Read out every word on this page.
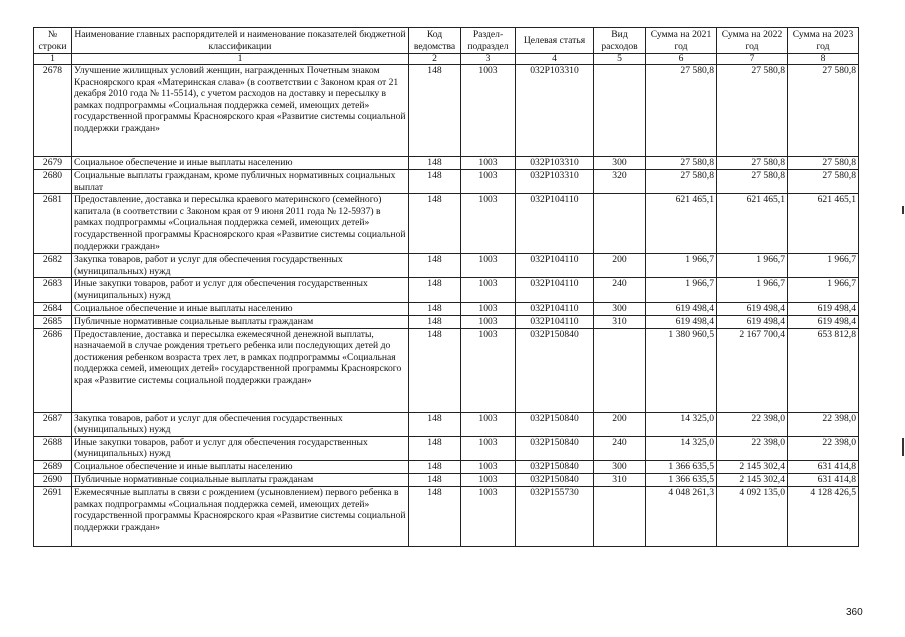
№ строки	Наименование главных распорядителей и наименование показателей бюджетной классификации	Код ведомства	Раздел-подраздел	Целевая статья	Вид расходов	Сумма на 2021 год	Сумма на 2022 год	Сумма на 2023 год
1	1	2	3	4	5	6	7	8
2678	Улучшение жилищных условий женщин, награжденных Почетным знаком Красноярского края «Материнская слава» (в соответствии с Законом края от 21 декабря 2010 года № 11-5514), с учетом расходов на доставку и пересылку в рамках подпрограммы «Социальная поддержка семей, имеющих детей» государственной программы Красноярского края «Развитие системы социальной поддержки граждан»	148	1003	032P103310		27 580,8	27 580,8	27 580,8
2679	Социальное обеспечение и иные выплаты населению	148	1003	032P103310	300	27 580,8	27 580,8	27 580,8
2680	Социальные выплаты гражданам, кроме публичных нормативных социальных выплат	148	1003	032P103310	320	27 580,8	27 580,8	27 580,8
2681	Предоставление, доставка и пересылка краевого материнского (семейного) капитала (в соответствии с Законом края от 9 июня 2011 года № 12-5937) в рамках подпрограммы «Социальная поддержка семей, имеющих детей» государственной программы Красноярского края «Развитие системы социальной поддержки граждан»	148	1003	032P104110		621 465,1	621 465,1	621 465,1
2682	Закупка товаров, работ и услуг для обеспечения государственных (муниципальных) нужд	148	1003	032P104110	200	1 966,7	1 966,7	1 966,7
2683	Иные закупки товаров, работ и услуг для обеспечения государственных (муниципальных) нужд	148	1003	032P104110	240	1 966,7	1 966,7	1 966,7
2684	Социальное обеспечение и иные выплаты населению	148	1003	032P104110	300	619 498,4	619 498,4	619 498,4
2685	Публичные нормативные социальные выплаты гражданам	148	1003	032P104110	310	619 498,4	619 498,4	619 498,4
2686	Предоставление, доставка и пересылка ежемесячной денежной выплаты, назначаемой в случае рождения третьего ребенка или последующих детей до достижения ребенком возраста трех лет, в рамках подпрограммы «Социальная поддержка семей, имеющих детей» государственной программы Красноярского края «Развитие системы социальной поддержки граждан»	148	1003	032P150840		1 380 960,5	2 167 700,4	653 812,8
2687	Закупка товаров, работ и услуг для обеспечения государственных (муниципальных) нужд	148	1003	032P150840	200	14 325,0	22 398,0	22 398,0
2688	Иные закупки товаров, работ и услуг для обеспечения государственных (муниципальных) нужд	148	1003	032P150840	240	14 325,0	22 398,0	22 398,0
2689	Социальное обеспечение и иные выплаты населению	148	1003	032P150840	300	1 366 635,5	2 145 302,4	631 414,8
2690	Публичные нормативные социальные выплаты гражданам	148	1003	032P150840	310	1 366 635,5	2 145 302,4	631 414,8
2691	Ежемесячные выплаты в связи с рождением (усыновлением) первого ребенка в рамках подпрограммы «Социальная поддержка семей, имеющих детей» государственной программы Красноярского края «Развитие системы социальной поддержки граждан»	148	1003	032P155730		4 048 261,3	4 092 135,0	4 128 426,5
360
